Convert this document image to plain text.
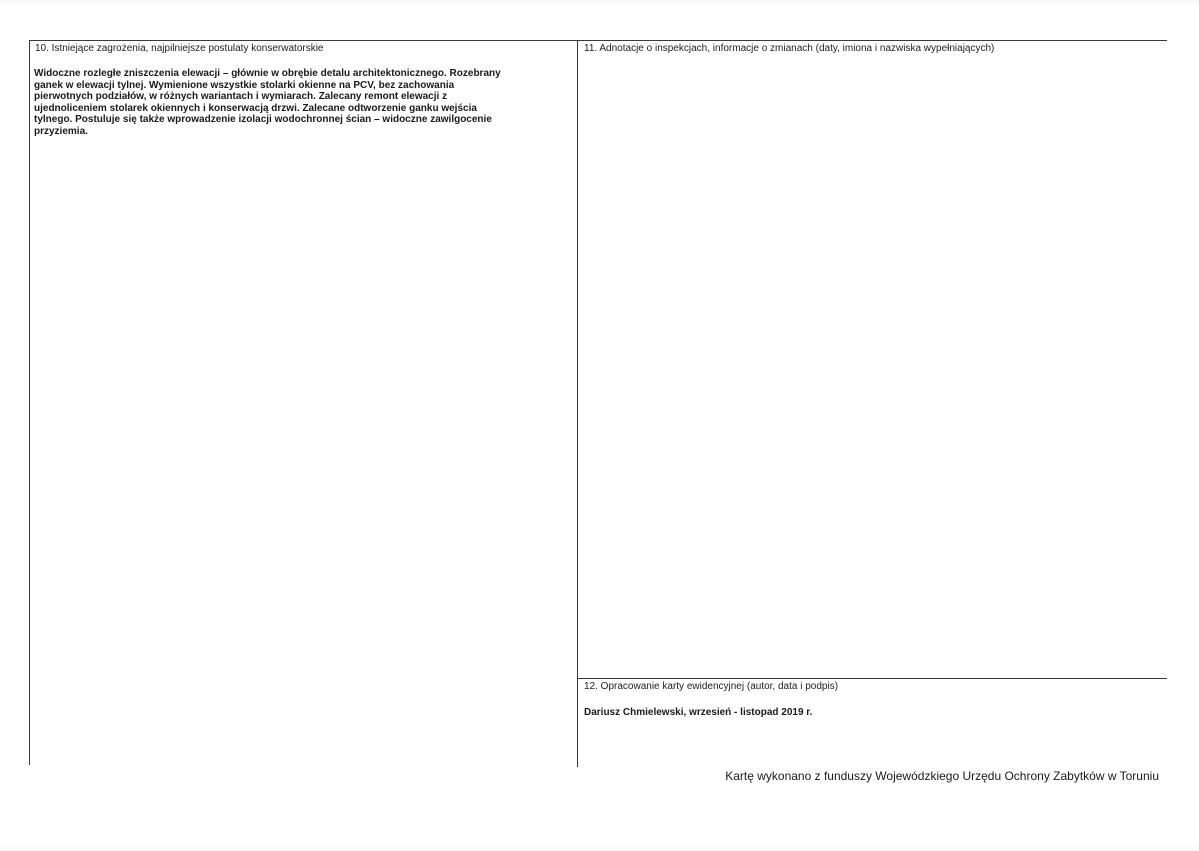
10. Istniejące zagrożenia, najpilniejsze postulaty konserwatorskie
Widoczne rozległe zniszczenia elewacji – głównie w obrębie detalu architektonicznego. Rozebrany
ganek w elewacji tylnej. Wymienione wszystkie stolarki okienne na PCV, bez zachowania
pierwotnych podziałów, w różnych wariantach i wymiarach. Zalecany remont elewacji z
ujednoliceniem stolarek okiennych i konserwacją drzwi. Zalecane odtworzenie ganku wejścia
tylnego. Postuluje się także wprowadzenie izolacji wodochronnej ścian – widoczne zawilgocenie
przyziemia.
11. Adnotacje o inspekcjach, informacje o zmianach (daty, imiona i nazwiska wypełniających)
12. Opracowanie karty ewidencyjnej (autor, data i podpis)
Dariusz Chmielewski, wrzesień - listopad 2019 r.
Kartę wykonano z funduszy Wojewódzkiego Urzędu Ochrony Zabytków w Toruniu
